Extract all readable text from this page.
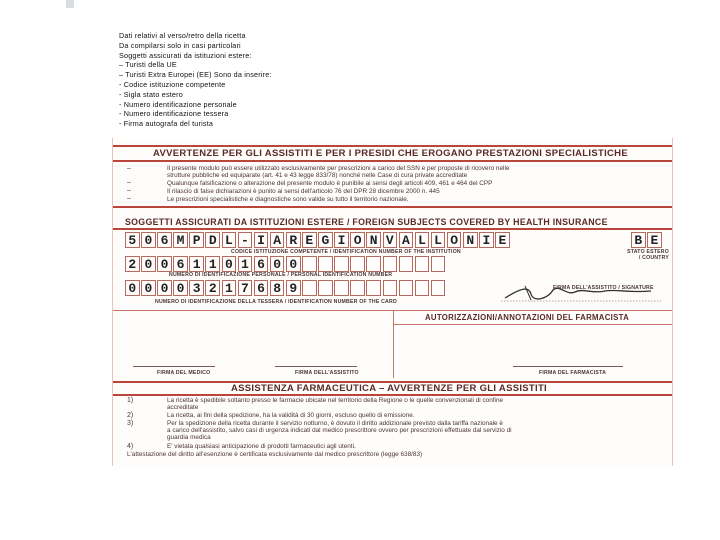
Dati relativi al verso/retro della ricetta
Da compilarsi solo in casi particolari
Soggetti assicurati da istituzioni estere:
– Turisti della UE
– Turisti Extra Europei (EE) Sono da inserire:
- Codice istituzione competente
- Sigla stato estero
- Numero identificazione personale
- Numero identificazione tessera
- Firma autografa del turista
AVVERTENZE PER GLI ASSISTITI E PER I PRESIDI CHE EROGANO PRESTAZIONI SPECIALISTICHE
–	Il presente modulo può essere utilizzato esclusivamente per prescrizioni a carico del SSN e per proposte di ricovero nelle
strutture pubbliche ed equiparate (art. 41 e 43 legge 833/78) nonché nelle Case di cura private accreditate
–	Qualunque falsificazione o alterazione del presente modulo è punibile ai sensi degli articoli 409, 461 e 464 del CPP
–	Il rilascio di false dichiarazioni è punito ai sensi dell'articolo 76 del DPR 28 dicembre 2000 n. 445
–	Le prescrizioni specialistiche e diagnostiche sono valide su tutto il territorio nazionale.
SOGGETTI ASSICURATI DA ISTITUZIONI ESTERE / FOREIGN SUBJECTS COVERED BY HEALTH INSURANCE
5 0 6 M P D L - I A R E G I O N V A L L O N I E	B E
CODICE ISTITUZIONE COMPETENTE / IDENTIFICATION NUMBER OF THE INSTITUTION	STATO ESTERO / COUNTRY
2 0 0 6 1 1 0 1 6 0 0
NUMERO DI IDENTIFICAZIONE PERSONALE / PERSONAL IDENTIFICATION NUMBER
0 0 0 0 3 2 1 7 6 8 9
NUMERO DI IDENTIFICAZIONE DELLA TESSERA / IDENTIFICATION NUMBER OF THE CARD
FIRMA DELL'ASSISTITO / SIGNATURE
AUTORIZZAZIONI/ANNOTAZIONI DEL FARMACISTA
FIRMA DEL MEDICO	FIRMA DELL'ASSISTITO	FIRMA DEL FARMACISTA
ASSISTENZA FARMACEUTICA – AVVERTENZE PER GLI ASSISTITI
1)	La ricetta è spedibile soltanto presso le farmacie ubicate nel territorio della Regione o le quelle convenzionali di confine
accreditate
2)	La ricetta, ai fini della spedizione, ha la validità di 30 giorni, escluso quello di emissione.
3)	Per la spedizione della ricetta durante il servizio notturno, è dovuto il diritto addizionale previsto dalla tariffa nazionale è
a carico dell'assistito, salvo casi di urgenza indicati dal medico prescrittore ovvero per prescrizioni effettuate dal servizio di
guardia medica
4)	E' vietata qualsiasi anticipazione di prodotti farmaceutici agli utenti.
L'attestazione del diritto all'esenzione è certificata esclusivamente dal medico prescrittore (legge 638/83)
